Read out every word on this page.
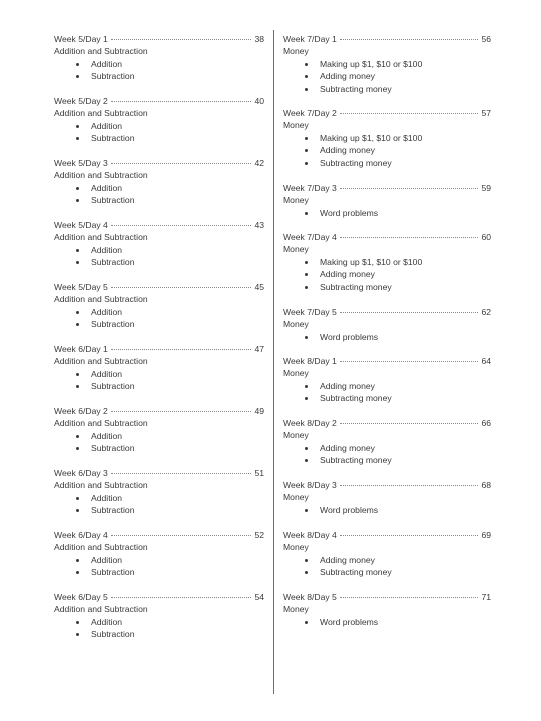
Week 5/Day 1	38
Addition and Subtraction
Addition
Subtraction
Week 5/Day 2	40
Addition and Subtraction
Addition
Subtraction
Week 5/Day 3	42
Addition and Subtraction
Addition
Subtraction
Week 5/Day 4	43
Addition and Subtraction
Addition
Subtraction
Week 5/Day 5	45
Addition and Subtraction
Addition
Subtraction
Week 6/Day 1	47
Addition and Subtraction
Addition
Subtraction
Week 6/Day 2	49
Addition and Subtraction
Addition
Subtraction
Week 6/Day 3	51
Addition and Subtraction
Addition
Subtraction
Week 6/Day 4	52
Addition and Subtraction
Addition
Subtraction
Week 6/Day 5	54
Addition and Subtraction
Addition
Subtraction
Week 7/Day 1	56
Money
Making up $1, $10 or $100
Adding money
Subtracting money
Week 7/Day 2	57
Money
Making up $1, $10 or $100
Adding money
Subtracting money
Week 7/Day 3	59
Money
Word problems
Week 7/Day 4	60
Money
Making up $1, $10 or $100
Adding money
Subtracting money
Week 7/Day 5	62
Money
Word problems
Week 8/Day 1	64
Money
Adding money
Subtracting money
Week 8/Day 2	66
Money
Adding money
Subtracting money
Week 8/Day 3	68
Money
Word problems
Week 8/Day 4	69
Money
Adding money
Subtracting money
Week 8/Day 5	71
Money
Word problems
